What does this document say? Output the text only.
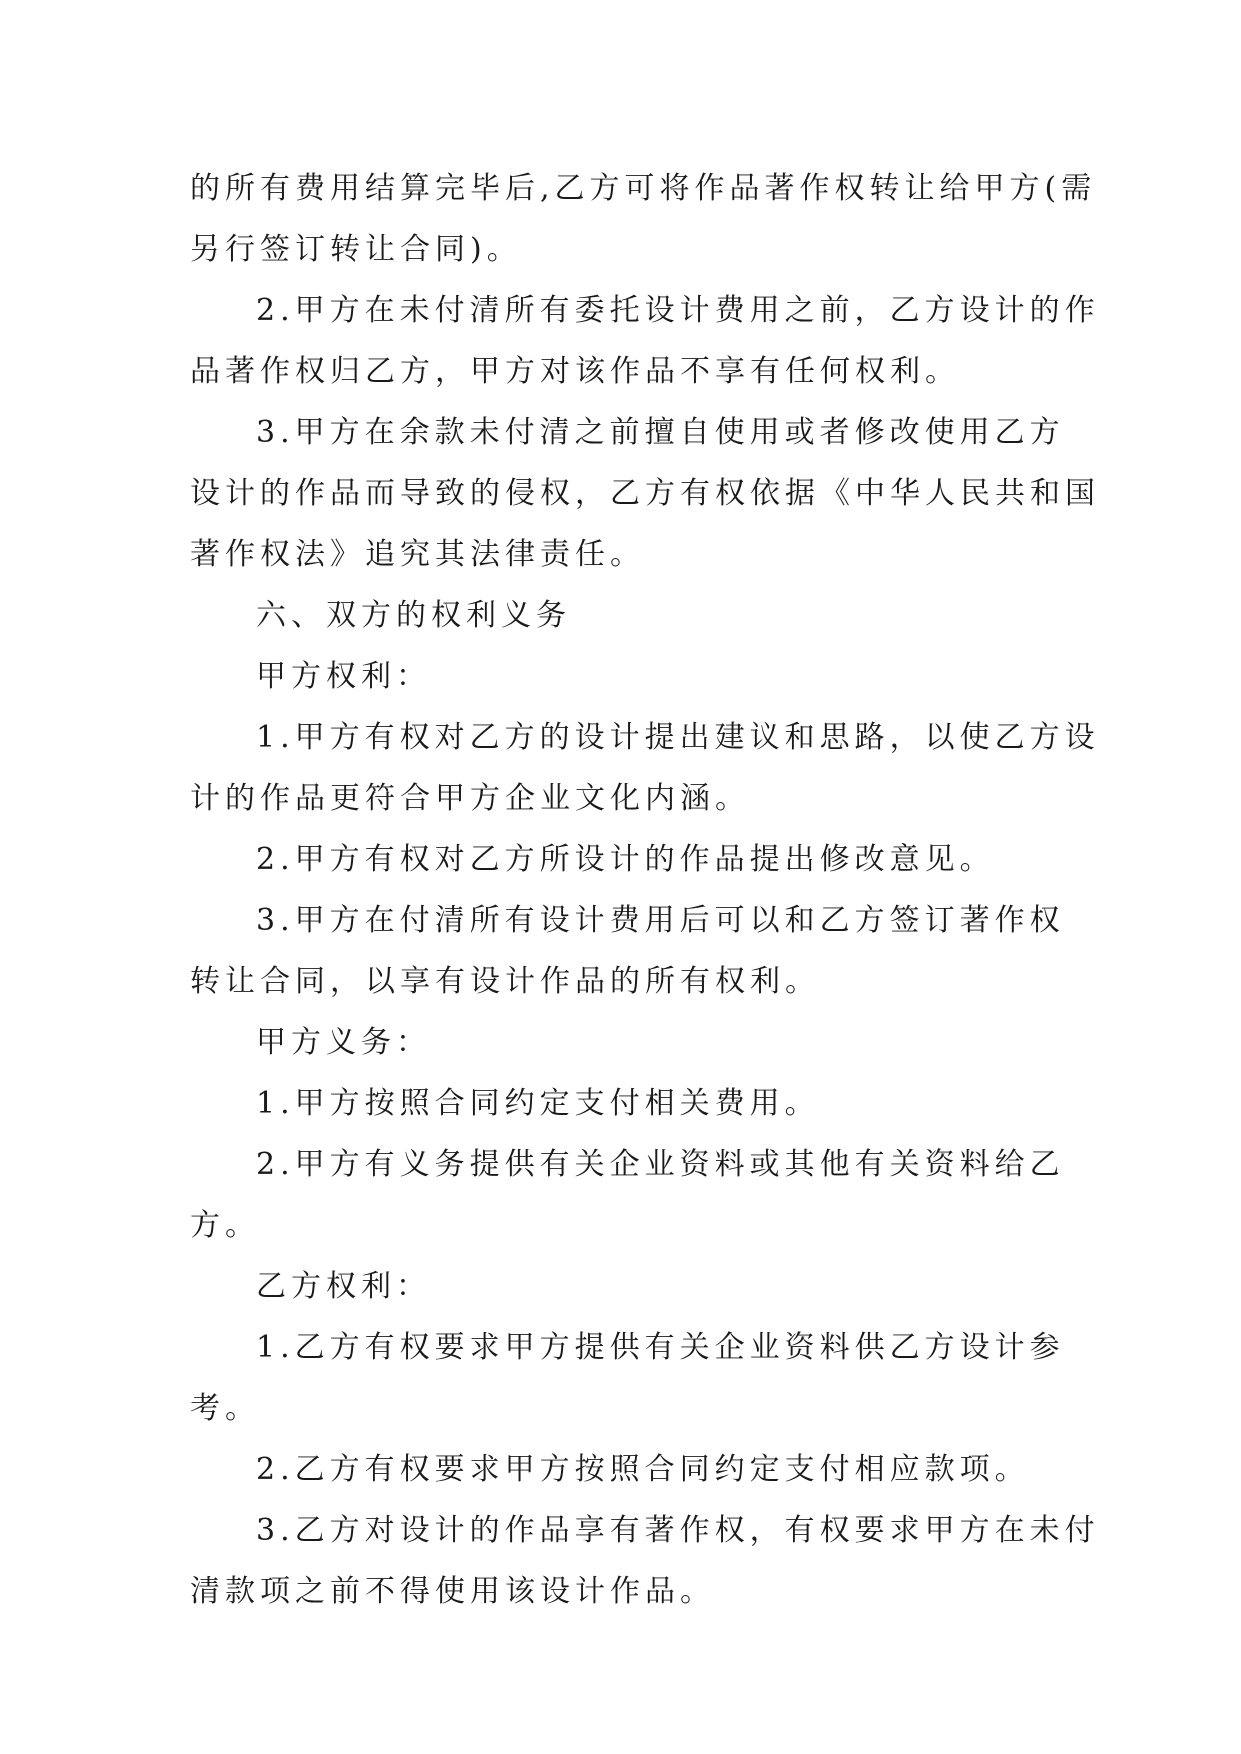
的所有费用结算完毕后,乙方可将作品著作权转让给甲方(需
另行签订转让合同)。
2.甲方在未付清所有委托设计费用之前，乙方设计的作
品著作权归乙方，甲方对该作品不享有任何权利。
3.甲方在余款未付清之前擅自使用或者修改使用乙方
设计的作品而导致的侵权，乙方有权依据《中华人民共和国
著作权法》追究其法律责任。
六、双方的权利义务
甲方权利：
1.甲方有权对乙方的设计提出建议和思路，以使乙方设
计的作品更符合甲方企业文化内涵。
2.甲方有权对乙方所设计的作品提出修改意见。
3.甲方在付清所有设计费用后可以和乙方签订著作权
转让合同，以享有设计作品的所有权利。
甲方义务：
1.甲方按照合同约定支付相关费用。
2.甲方有义务提供有关企业资料或其他有关资料给乙
方。
乙方权利：
1.乙方有权要求甲方提供有关企业资料供乙方设计参
考。
2.乙方有权要求甲方按照合同约定支付相应款项。
3.乙方对设计的作品享有著作权，有权要求甲方在未付
清款项之前不得使用该设计作品。
